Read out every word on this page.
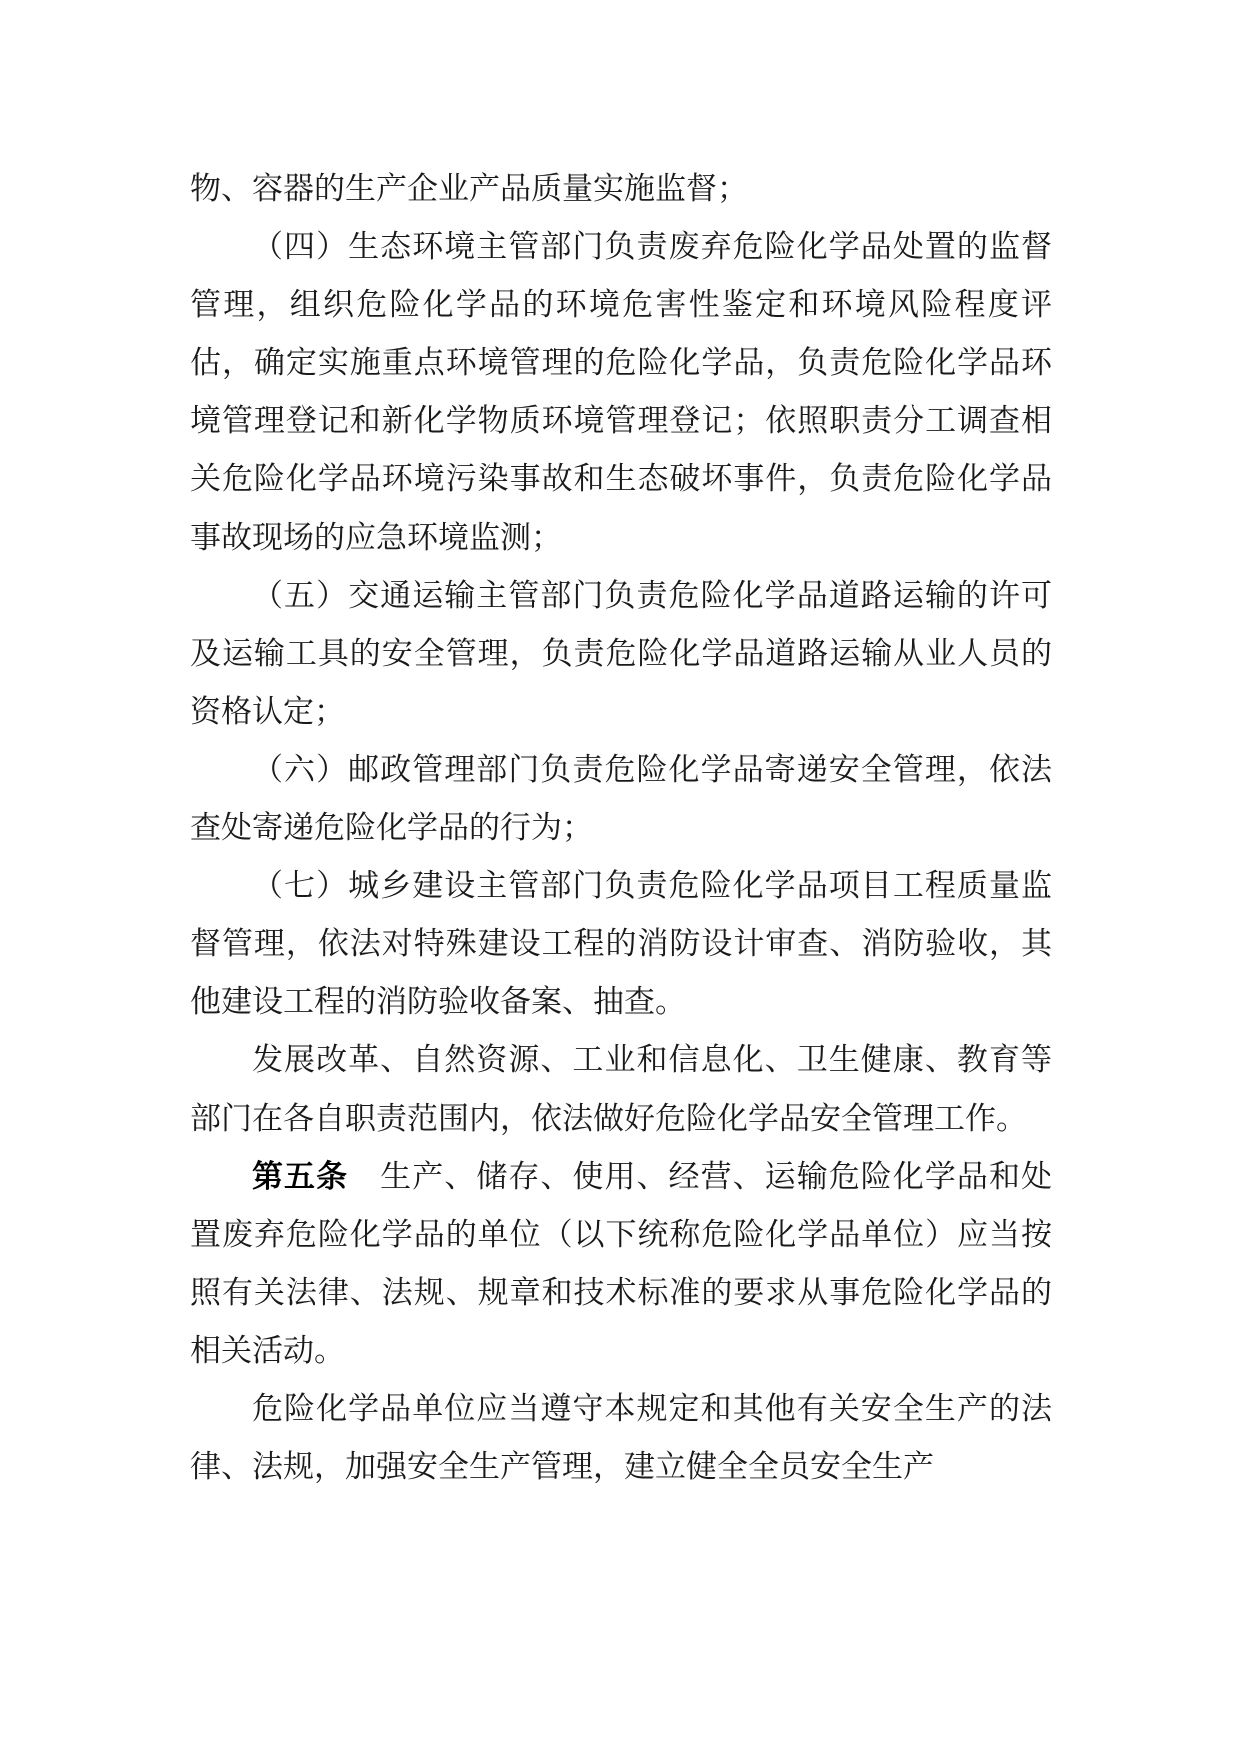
物、容器的生产企业产品质量实施监督；

（四）生态环境主管部门负责废弃危险化学品处置的监督管理，组织危险化学品的环境危害性鉴定和环境风险程度评估，确定实施重点环境管理的危险化学品，负责危险化学品环境管理登记和新化学物质环境管理登记；依照职责分工调查相关危险化学品环境污染事故和生态破坏事件，负责危险化学品事故现场的应急环境监测；

（五）交通运输主管部门负责危险化学品道路运输的许可及运输工具的安全管理，负责危险化学品道路运输从业人员的资格认定；

（六）邮政管理部门负责危险化学品寄递安全管理，依法查处寄递危险化学品的行为；

（七）城乡建设主管部门负责危险化学品项目工程质量监督管理，依法对特殊建设工程的消防设计审查、消防验收，其他建设工程的消防验收备案、抽查。

发展改革、自然资源、工业和信息化、卫生健康、教育等部门在各自职责范围内，依法做好危险化学品安全管理工作。

第五条　 生产、储存、使用、经营、运输危险化学品和处置废弃危险化学品的单位（以下统称危险化学品单位）应当按照有关法律、法规、规章和技术标准的要求从事危险化学品的相关活动。

危险化学品单位应当遵守本规定和其他有关安全生产的法律、法规，加强安全生产管理，建立健全全员安全生产
